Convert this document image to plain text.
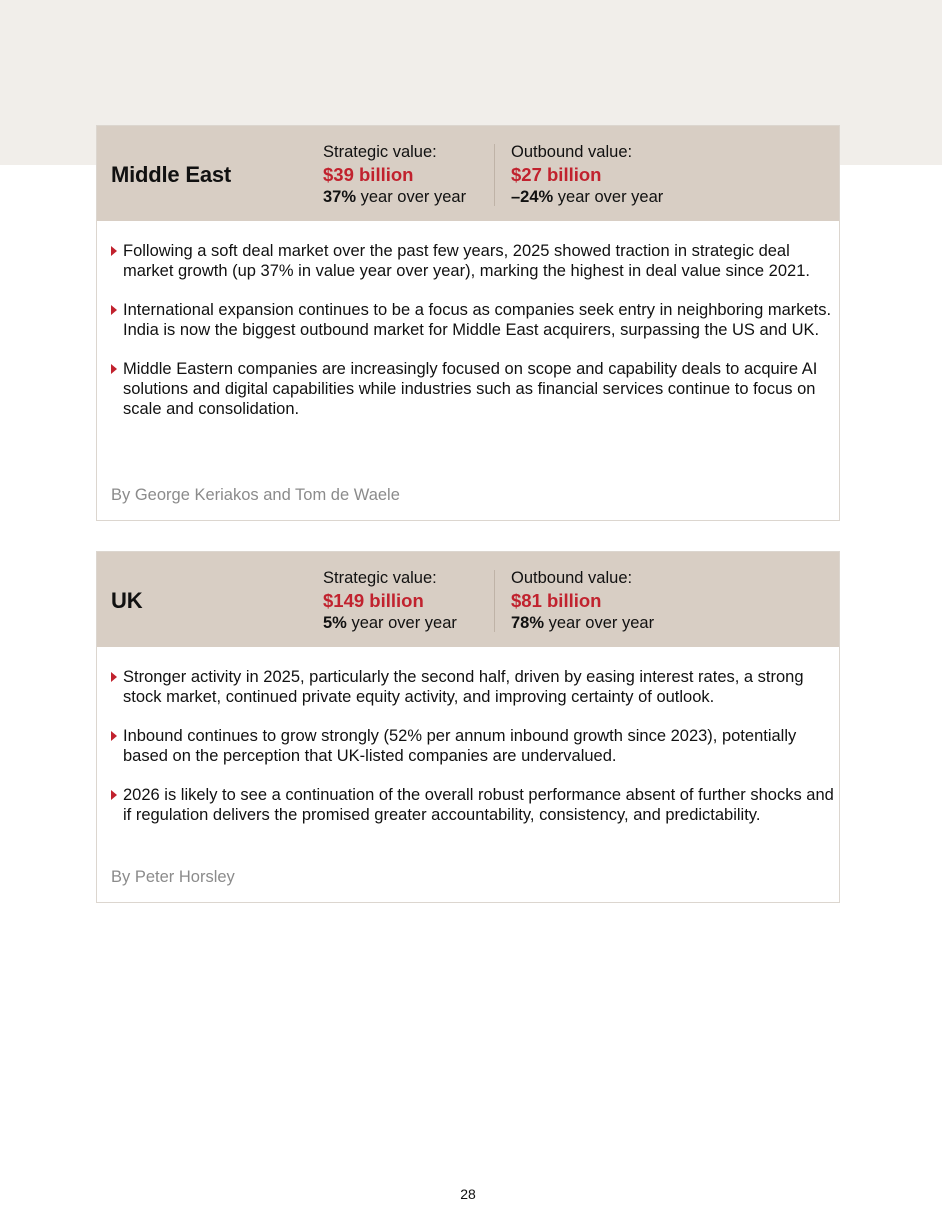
Middle East
Strategic value:
$39 billion
37% year over year
Outbound value:
$27 billion
–24% year over year
Following a soft deal market over the past few years, 2025 showed traction in strategic deal market growth (up 37% in value year over year), marking the highest in deal value since 2021.
International expansion continues to be a focus as companies seek entry in neighboring markets. India is now the biggest outbound market for Middle East acquirers, surpassing the US and UK.
Middle Eastern companies are increasingly focused on scope and capability deals to acquire AI solutions and digital capabilities while industries such as financial services continue to focus on scale and consolidation.
By George Keriakos and Tom de Waele
UK
Strategic value:
$149 billion
5% year over year
Outbound value:
$81 billion
78% year over year
Stronger activity in 2025, particularly the second half, driven by easing interest rates, a strong stock market, continued private equity activity, and improving certainty of outlook.
Inbound continues to grow strongly (52% per annum inbound growth since 2023), potentially based on the perception that UK-listed companies are undervalued.
2026 is likely to see a continuation of the overall robust performance absent of further shocks and if regulation delivers the promised greater accountability, consistency, and predictability.
By Peter Horsley
28
